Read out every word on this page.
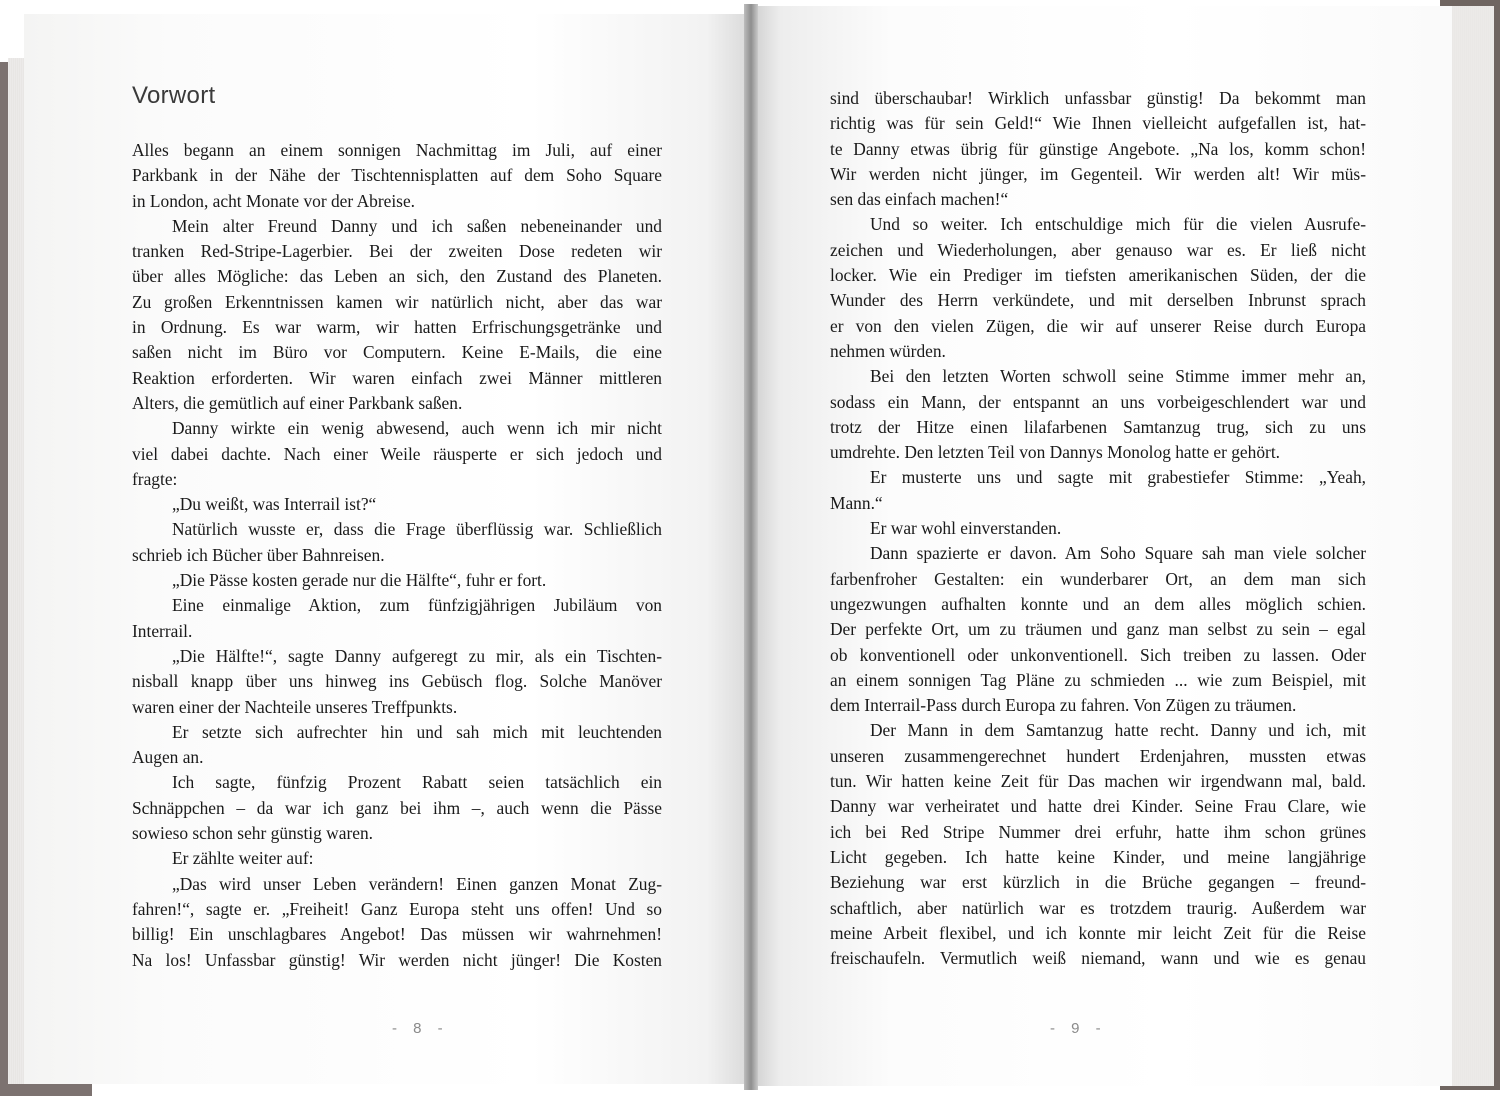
Vorwort
Alles begann an einem sonnigen Nachmittag im Juli, auf einer
Parkbank in der Nähe der Tischtennisplatten auf dem Soho Square
in London, acht Monate vor der Abreise.
Mein alter Freund Danny und ich saßen nebeneinander und
tranken Red-Stripe-Lagerbier. Bei der zweiten Dose redeten wir
über alles Mögliche: das Leben an sich, den Zustand des Planeten.
Zu großen Erkenntnissen kamen wir natürlich nicht, aber das war
in Ordnung. Es war warm, wir hatten Erfrischungsgetränke und
saßen nicht im Büro vor Computern. Keine E-Mails, die eine
Reaktion erforderten. Wir waren einfach zwei Männer mittleren
Alters, die gemütlich auf einer Parkbank saßen.
Danny wirkte ein wenig abwesend, auch wenn ich mir nicht
viel dabei dachte. Nach einer Weile räusperte er sich jedoch und
fragte:
„Du weißt, was Interrail ist?“
Natürlich wusste er, dass die Frage überflüssig war. Schließlich
schrieb ich Bücher über Bahnreisen.
„Die Pässe kosten gerade nur die Hälfte“, fuhr er fort.
Eine einmalige Aktion, zum fünfzigjährigen Jubiläum von
Interrail.
„Die Hälfte!“, sagte Danny aufgeregt zu mir, als ein Tischten-
nisball knapp über uns hinweg ins Gebüsch flog. Solche Manöver
waren einer der Nachteile unseres Treffpunkts.
Er setzte sich aufrechter hin und sah mich mit leuchtenden
Augen an.
Ich sagte, fünfzig Prozent Rabatt seien tatsächlich ein
Schnäppchen – da war ich ganz bei ihm –, auch wenn die Pässe
sowieso schon sehr günstig waren.
Er zählte weiter auf:
„Das wird unser Leben verändern! Einen ganzen Monat Zug-
fahren!“, sagte er. „Freiheit! Ganz Europa steht uns offen! Und so
billig! Ein unschlagbares Angebot! Das müssen wir wahrnehmen!
Na los! Unfassbar günstig! Wir werden nicht jünger! Die Kosten
sind überschaubar! Wirklich unfassbar günstig! Da bekommt man
richtig was für sein Geld!“ Wie Ihnen vielleicht aufgefallen ist, hat-
te Danny etwas übrig für günstige Angebote. „Na los, komm schon!
Wir werden nicht jünger, im Gegenteil. Wir werden alt! Wir müs-
sen das einfach machen!“
Und so weiter. Ich entschuldige mich für die vielen Ausrufe-
zeichen und Wiederholungen, aber genauso war es. Er ließ nicht
locker. Wie ein Prediger im tiefsten amerikanischen Süden, der die
Wunder des Herrn verkündete, und mit derselben Inbrunst sprach
er von den vielen Zügen, die wir auf unserer Reise durch Europa
nehmen würden.
Bei den letzten Worten schwoll seine Stimme immer mehr an,
sodass ein Mann, der entspannt an uns vorbeigeschlendert war und
trotz der Hitze einen lilafarbenen Samtanzug trug, sich zu uns
umdrehte. Den letzten Teil von Dannys Monolog hatte er gehört.
Er musterte uns und sagte mit grabestiefer Stimme: „Yeah,
Mann.“
Er war wohl einverstanden.
Dann spazierte er davon. Am Soho Square sah man viele solcher
farbenfroher Gestalten: ein wunderbarer Ort, an dem man sich
ungezwungen aufhalten konnte und an dem alles möglich schien.
Der perfekte Ort, um zu träumen und ganz man selbst zu sein – egal
ob konventionell oder unkonventionell. Sich treiben zu lassen. Oder
an einem sonnigen Tag Pläne zu schmieden ... wie zum Beispiel, mit
dem Interrail-Pass durch Europa zu fahren. Von Zügen zu träumen.
Der Mann in dem Samtanzug hatte recht. Danny und ich, mit
unseren zusammengerechnet hundert Erdenjahren, mussten etwas
tun. Wir hatten keine Zeit für Das machen wir irgendwann mal, bald.
Danny war verheiratet und hatte drei Kinder. Seine Frau Clare, wie
ich bei Red Stripe Nummer drei erfuhr, hatte ihm schon grünes
Licht gegeben. Ich hatte keine Kinder, und meine langjährige
Beziehung war erst kürzlich in die Brüche gegangen – freund-
schaftlich, aber natürlich war es trotzdem traurig. Außerdem war
meine Arbeit flexibel, und ich konnte mir leicht Zeit für die Reise
freischaufeln. Vermutlich weiß niemand, wann und wie es genau
- 8 -	- 9 -
